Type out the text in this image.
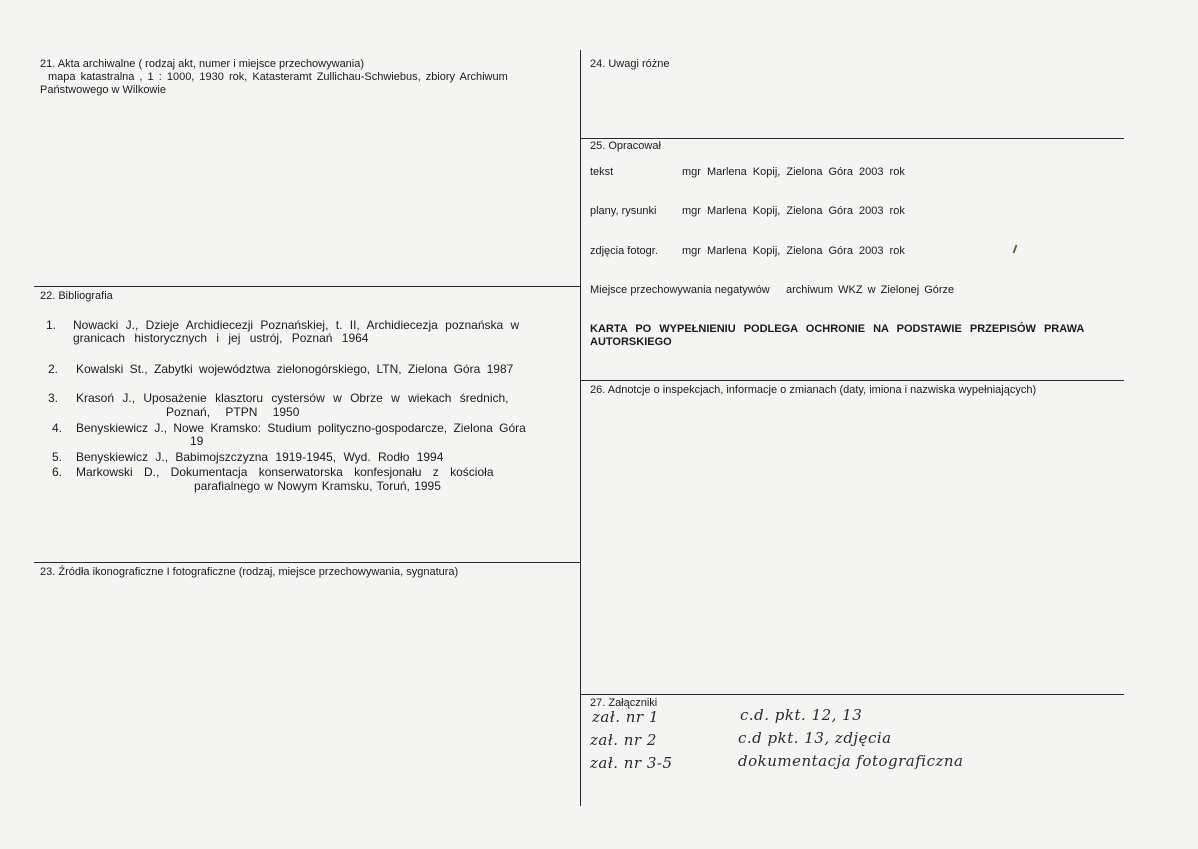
21. Akta archiwalne ( rodzaj akt, numer i miejsce przechowywania)
mapa katastralna , 1 : 1000, 1930 rok, Katasteramt Zullichau-Schwiebus, zbiory Archiwum
Państwowego w Wilkowie
22. Bibliografia
1. Nowacki J., Dzieje Archidiecezji Poznańskiej, t. II, Archidiecezja poznańska w
granicach historycznych i jej ustrój, Poznań 1964
2. Kowalski St., Zabytki województwa zielonogórskiego, LTN, Zielona Góra 1987
3. Krasoń J., Uposażenie klasztoru cystersów w Obrze w wiekach średnich,
Poznań, PTPN 1950
4. Benyskiewicz J., Nowe Kramsko: Studium polityczno-gospodarcze, Zielona Góra
19
5. Benyskiewicz J., Babimojszczyzna 1919-1945, Wyd. Rodło 1994
6. Markowski D., Dokumentacja konserwatorska konfesjonału z kościoła
parafialnego w Nowym Kramsku, Toruń, 1995
23. Źródła ikonograficzne I fotograficzne (rodzaj, miejsce przechowywania, sygnatura)
24. Uwagi różne
25. Opracował
tekst	mgr Marlena Kopij, Zielona Góra 2003 rok
plany, rysunki mgr Marlena Kopij, Zielona Góra 2003 rok
zdjęcia fotogr. mgr Marlena Kopij, Zielona Góra 2003 rok
Miejsce przechowywania negatywów archiwum WKZ w Zielonej Górze
KARTA PO WYPEŁNIENIU PODLEGA OCHRONIE NA PODSTAWIE PRZEPISÓW PRAWA
AUTORSKIEGO
26. Adnotcje o inspekcjach, informacje o zmianach (daty, imiona i nazwiska wypełniających)
27. Załączniki
zał. nr 1	c.d. pkt. 12, 13
zał. nr 2	c.d pkt. 13, zdjęcia
zał. nr 3-5	dokumentacja fotograficzna
